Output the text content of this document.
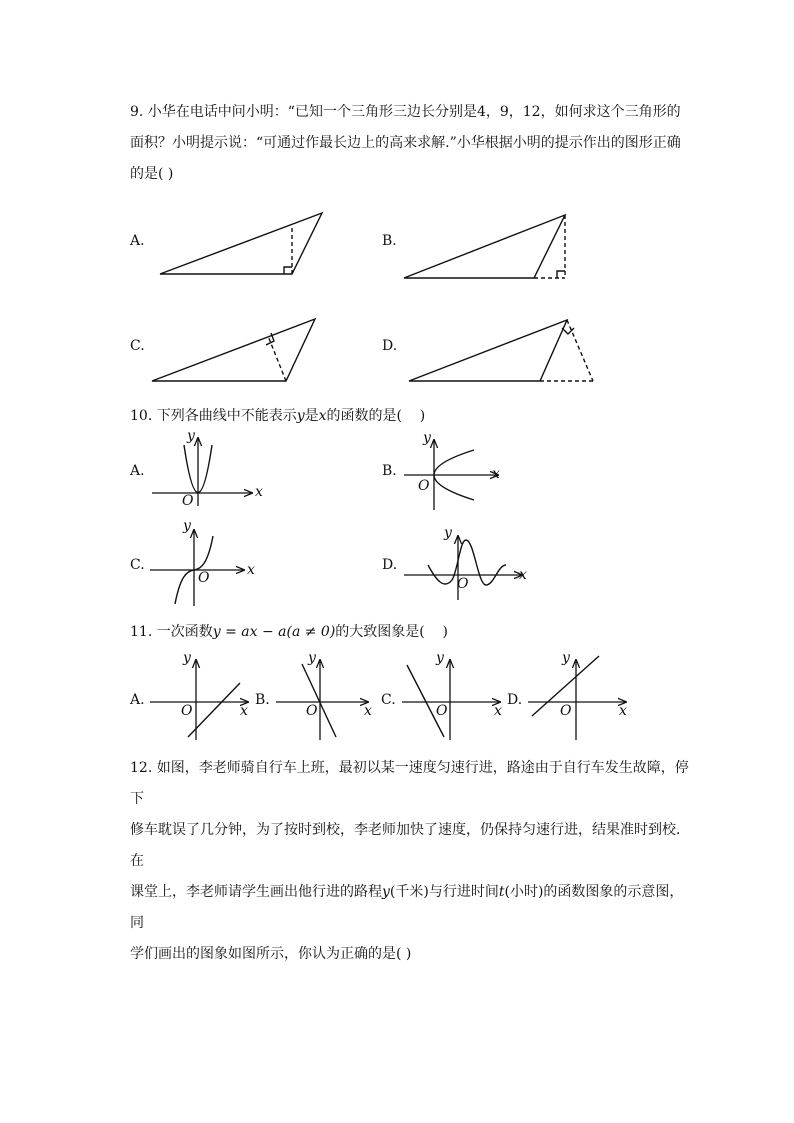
9. 小华在电话中问小明：“已知一个三角形三边长分别是4，9，12，如何求这个三角形的
面积？小明提示说：“可通过作最长边上的高来求解.”小华根据小明的提示作出的图形正确
的是( )
A.	B.
C.	D.
10. 下列各曲线中不能表示y是x的函数的是(    )
A.	B.
C.	D.
y
x
O
y
x
O
y
x
O
y
x
O
11. 一次函数y = ax − a(a ≠ 0)的大致图象是(    )
A.	B.	C.	D.
y
x
O
y
x
O
y
x
O
y
x
O
12. 如图，李老师骑自行车上班，最初以某一速度匀速行进，路途由于自行车发生故障，停下
修车耽误了几分钟，为了按时到校，李老师加快了速度，仍保持匀速行进，结果准时到校．在
课堂上，李老师请学生画出他行进的路程y(千米)与行进时间t(小时)的函数图象的示意图，同
学们画出的图象如图所示，你认为正确的是( )
